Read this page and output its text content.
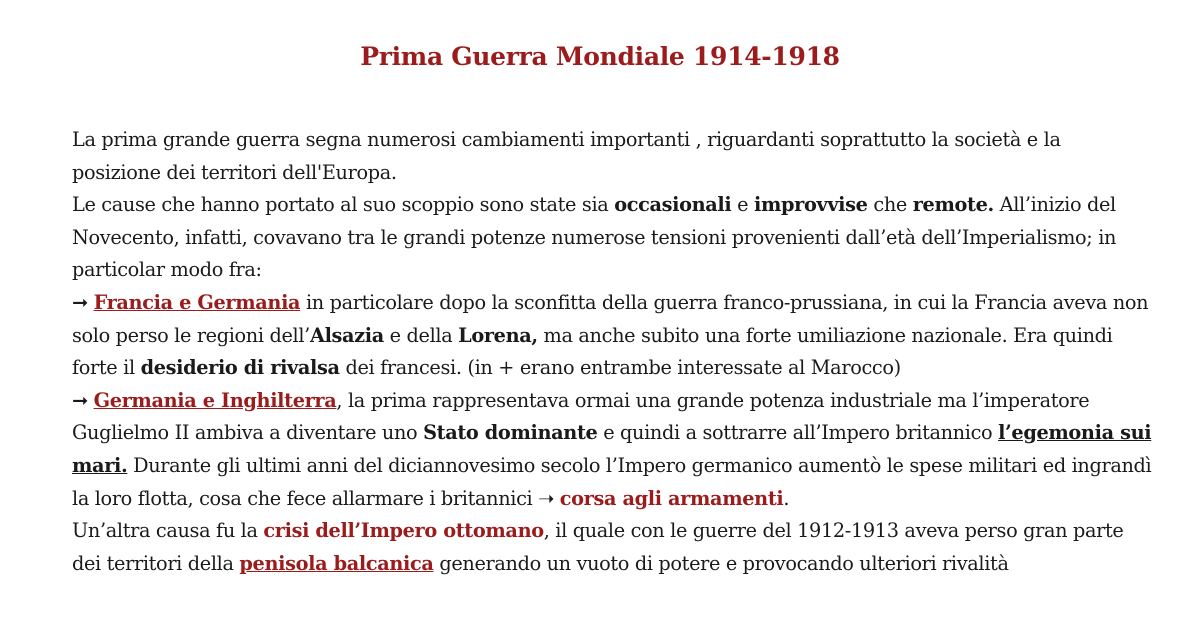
Prima Guerra Mondiale 1914-1918

La prima grande guerra segna numerosi cambiamenti importanti , riguardanti soprattutto la società e la posizione dei territori dell'Europa.

Le cause che hanno portato al suo scoppio sono state sia occasionali e improvvise che remote. All’inizio del Novecento, infatti, covavano tra le grandi potenze numerose tensioni provenienti dall’età dell’Imperialismo; in particolar modo fra:

➞ Francia e Germania in particolare dopo la sconfitta della guerra franco-prussiana, in cui la Francia aveva non solo perso le regioni dell’Alsazia e della Lorena, ma anche subito una forte umiliazione nazionale. Era quindi forte il desiderio di rivalsa dei francesi. (in + erano entrambe interessate al Marocco)

➞ Germania e Inghilterra, la prima rappresentava ormai una grande potenza industriale ma l’imperatore Guglielmo II ambiva a diventare uno Stato dominante e quindi a sottrarre all’Impero britannico l’egemonia sui mari. Durante gli ultimi anni del diciannovesimo secolo l’Impero germanico aumentò le spese militari ed ingrandì la loro flotta, cosa che fece allarmare i britannici ➝ corsa agli armamenti.

Un’altra causa fu la crisi dell’Impero ottomano, il quale con le guerre del 1912-1913 aveva perso gran parte dei territori della penisola balcanica generando un vuoto di potere e provocando ulteriori rivalità
